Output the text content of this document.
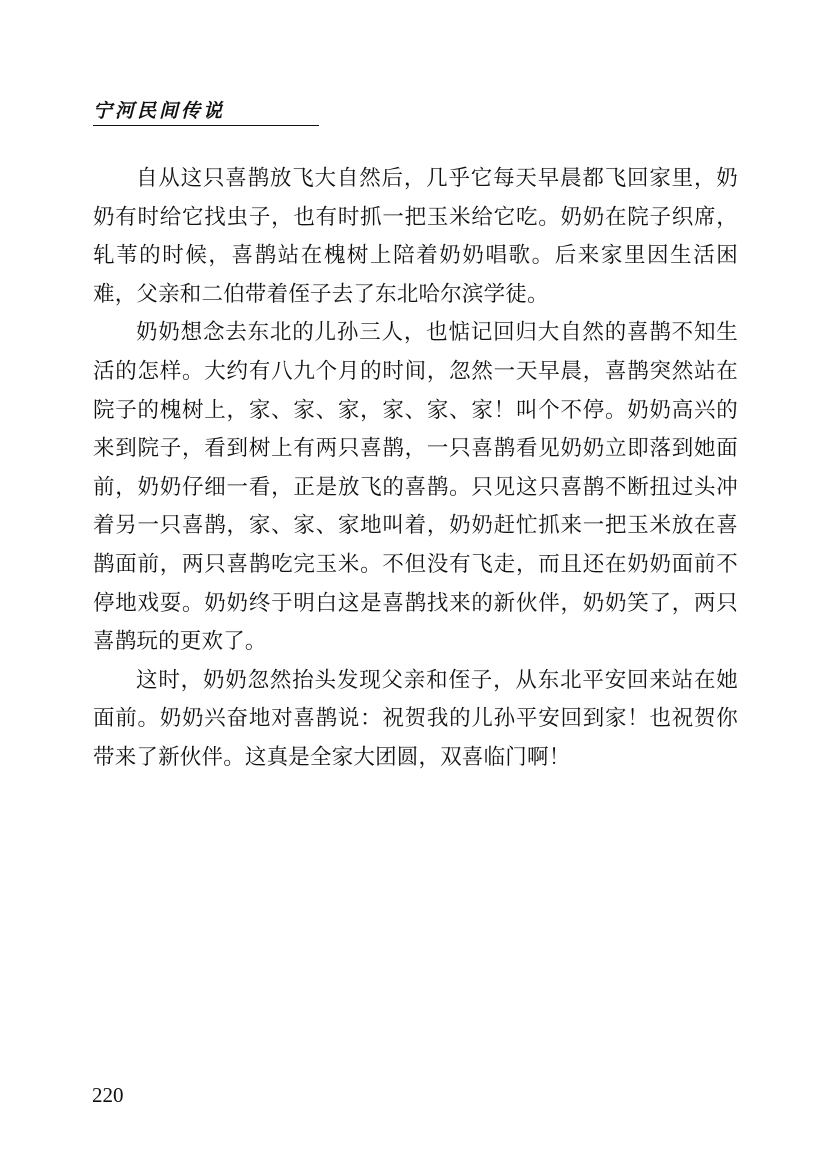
宁河民间传说

自从这只喜鹊放飞大自然后，几乎它每天早晨都飞回家里，奶奶有时给它找虫子，也有时抓一把玉米给它吃。奶奶在院子织席，轧苇的时候，喜鹊站在槐树上陪着奶奶唱歌。后来家里因生活困难，父亲和二伯带着侄子去了东北哈尔滨学徒。

奶奶想念去东北的儿孙三人，也惦记回归大自然的喜鹊不知生活的怎样。大约有八九个月的时间，忽然一天早晨，喜鹊突然站在院子的槐树上，家、家、家，家、家、家！叫个不停。奶奶高兴的来到院子，看到树上有两只喜鹊，一只喜鹊看见奶奶立即落到她面前，奶奶仔细一看，正是放飞的喜鹊。只见这只喜鹊不断扭过头冲着另一只喜鹊，家、家、家地叫着，奶奶赶忙抓来一把玉米放在喜鹊面前，两只喜鹊吃完玉米。不但没有飞走，而且还在奶奶面前不停地戏耍。奶奶终于明白这是喜鹊找来的新伙伴，奶奶笑了，两只喜鹊玩的更欢了。

这时，奶奶忽然抬头发现父亲和侄子，从东北平安回来站在她面前。奶奶兴奋地对喜鹊说：祝贺我的儿孙平安回到家！也祝贺你带来了新伙伴。这真是全家大团圆，双喜临门啊！

220
